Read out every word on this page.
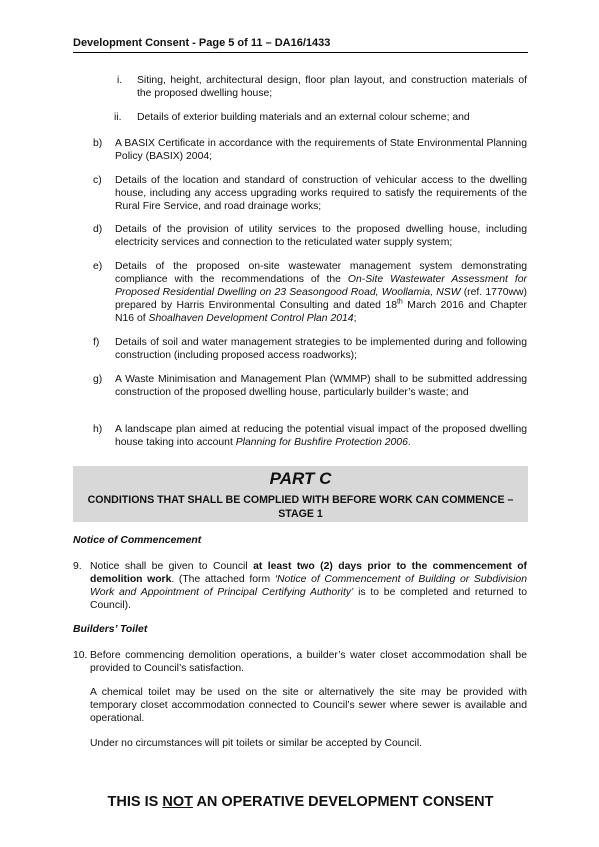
Development Consent - Page 5 of 11 – DA16/1433
i. Siting, height, architectural design, floor plan layout, and construction materials of the proposed dwelling house;
ii. Details of exterior building materials and an external colour scheme; and
b) A BASIX Certificate in accordance with the requirements of State Environmental Planning Policy (BASIX) 2004;
c) Details of the location and standard of construction of vehicular access to the dwelling house, including any access upgrading works required to satisfy the requirements of the Rural Fire Service, and road drainage works;
d) Details of the provision of utility services to the proposed dwelling house, including electricity services and connection to the reticulated water supply system;
e) Details of the proposed on-site wastewater management system demonstrating compliance with the recommendations of the On-Site Wastewater Assessment for Proposed Residential Dwelling on 23 Seasongood Road, Woollamia, NSW (ref. 1770ww) prepared by Harris Environmental Consulting and dated 18th March 2016 and Chapter N16 of Shoalhaven Development Control Plan 2014;
f) Details of soil and water management strategies to be implemented during and following construction (including proposed access roadworks);
g) A Waste Minimisation and Management Plan (WMMP) shall to be submitted addressing construction of the proposed dwelling house, particularly builder’s waste; and
h) A landscape plan aimed at reducing the potential visual impact of the proposed dwelling house taking into account Planning for Bushfire Protection 2006.
PART C
CONDITIONS THAT SHALL BE COMPLIED WITH BEFORE WORK CAN COMMENCE – STAGE 1
Notice of Commencement
9. Notice shall be given to Council at least two (2) days prior to the commencement of demolition work. (The attached form ‘Notice of Commencement of Building or Subdivision Work and Appointment of Principal Certifying Authority’ is to be completed and returned to Council).
Builders’ Toilet
10. Before commencing demolition operations, a builder’s water closet accommodation shall be provided to Council’s satisfaction.
A chemical toilet may be used on the site or alternatively the site may be provided with temporary closet accommodation connected to Council’s sewer where sewer is available and operational.
Under no circumstances will pit toilets or similar be accepted by Council.
THIS IS NOT AN OPERATIVE DEVELOPMENT CONSENT
